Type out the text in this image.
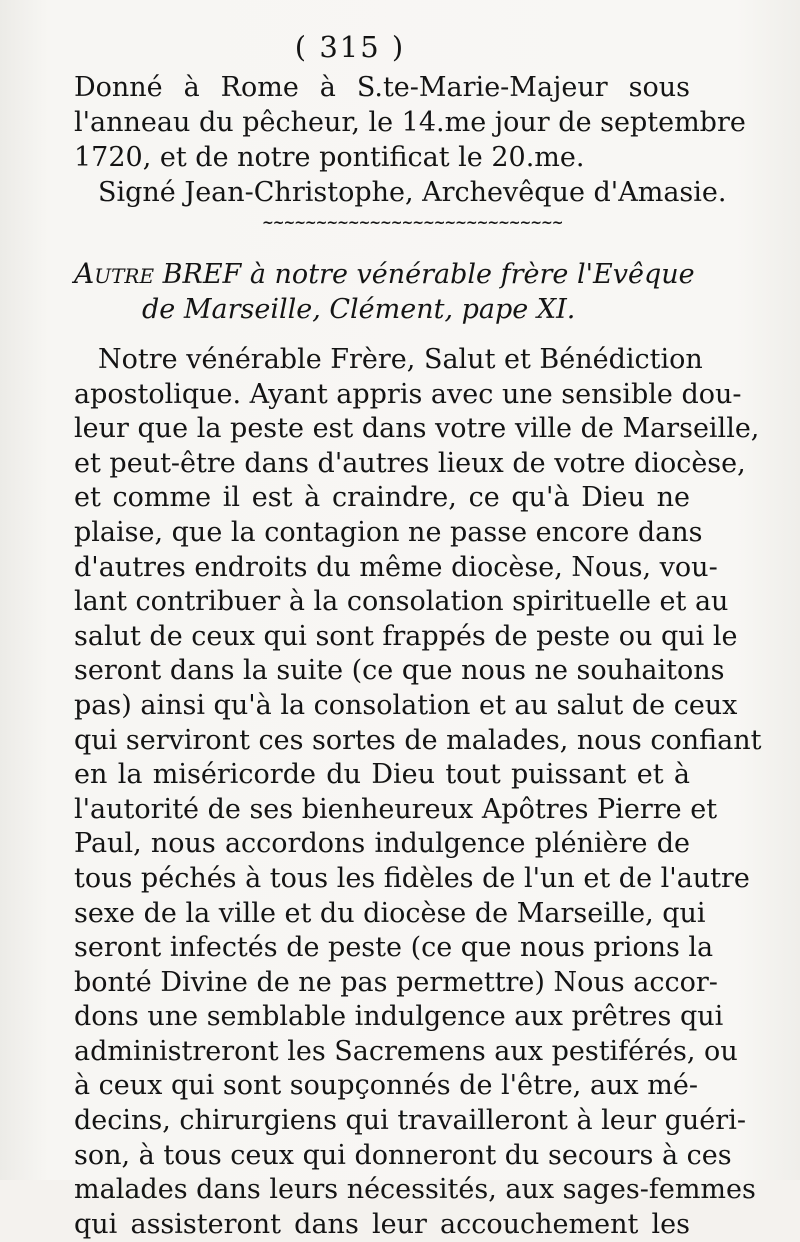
( 315 )
Donné à Rome à S.te-Marie-Majeur sous
l'anneau du pêcheur, le 14.me jour de septembre
1720, et de notre pontificat le 20.me.
Signé Jean-Christophe, Archevêque d'Amasie.
~~~~~~~~~~~~~~~~~~~~~~~~~~~~
Autre BREF à notre vénérable frère l'Evêque
de Marseille, Clément, pape XI.
Notre vénérable Frère, Salut et Bénédiction
apostolique. Ayant appris avec une sensible dou-
leur que la peste est dans votre ville de Marseille,
et peut-être dans d'autres lieux de votre diocèse,
et comme il est à craindre, ce qu'à Dieu ne
plaise, que la contagion ne passe encore dans
d'autres endroits du même diocèse, Nous, vou-
lant contribuer à la consolation spirituelle et au
salut de ceux qui sont frappés de peste ou qui le
seront dans la suite (ce que nous ne souhaitons
pas) ainsi qu'à la consolation et au salut de ceux
qui serviront ces sortes de malades, nous confiant
en la miséricorde du Dieu tout puissant et à
l'autorité de ses bienheureux Apôtres Pierre et
Paul, nous accordons indulgence plénière de
tous péchés à tous les fidèles de l'un et de l'autre
sexe de la ville et du diocèse de Marseille, qui
seront infectés de peste (ce que nous prions la
bonté Divine de ne pas permettre) Nous accor-
dons une semblable indulgence aux prêtres qui
administreront les Sacremens aux pestiférés, ou
à ceux qui sont soupçonnés de l'être, aux mé-
decins, chirurgiens qui travailleront à leur guéri-
son, à tous ceux qui donneront du secours à ces
malades dans leurs nécessités, aux sages-femmes
qui assisteront dans leur accouchement les
